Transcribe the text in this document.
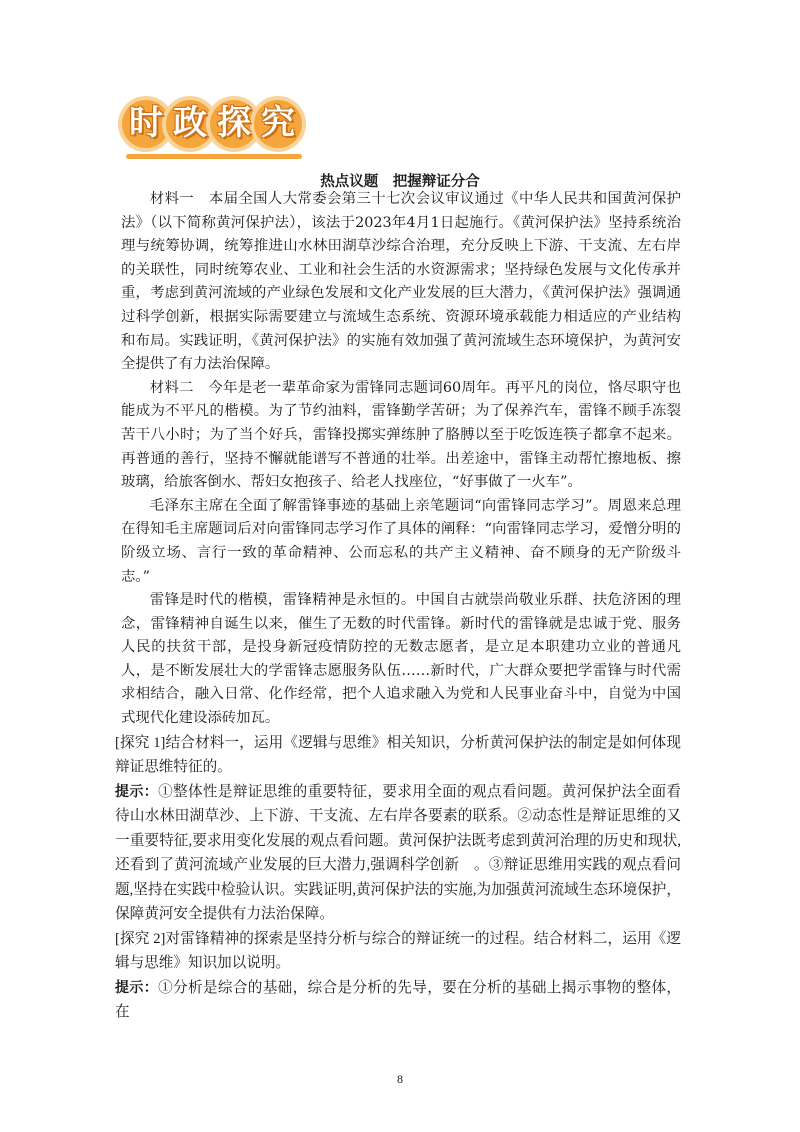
时 政 探 究
热点议题　把握辩证分合

材料一　本届全国人大常委会第三十七次会议审议通过《中华人民共和国黄河保护法》（以下简称黄河保护法），该法于2023年4月1日起施行。《黄河保护法》坚持系统治理与统筹协调，统筹推进山水林田湖草沙综合治理，充分反映上下游、干支流、左右岸的关联性，同时统筹农业、工业和社会生活的水资源需求；坚持绿色发展与文化传承并重，考虑到黄河流域的产业绿色发展和文化产业发展的巨大潜力，《黄河保护法》强调通过科学创新，根据实际需要建立与流域生态系统、资源环境承载能力相适应的产业结构和布局。实践证明，《黄河保护法》的实施有效加强了黄河流域生态环境保护，为黄河安全提供了有力法治保障。

材料二　今年是老一辈革命家为雷锋同志题词60周年。再平凡的岗位，恪尽职守也能成为不平凡的楷模。为了节约油料，雷锋勤学苦研；为了保养汽车，雷锋不顾手冻裂苦干八小时；为了当个好兵，雷锋投掷实弹练肿了胳膊以至于吃饭连筷子都拿不起来。再普通的善行，坚持不懈就能谱写不普通的壮举。出差途中，雷锋主动帮忙擦地板、擦玻璃，给旅客倒水、帮妇女抱孩子、给老人找座位，“好事做了一火车”。

毛泽东主席在全面了解雷锋事迹的基础上亲笔题词“向雷锋同志学习”。周恩来总理在得知毛主席题词后对向雷锋同志学习作了具体的阐释：“向雷锋同志学习，爱憎分明的阶级立场、言行一致的革命精神、公而忘私的共产主义精神、奋不顾身的无产阶级斗志。”

雷锋是时代的楷模，雷锋精神是永恒的。中国自古就崇尚敬业乐群、扶危济困的理念，雷锋精神自诞生以来，催生了无数的时代雷锋。新时代的雷锋就是忠诚于党、服务人民的扶贫干部，是投身新冠疫情防控的无数志愿者，是立足本职建功立业的普通凡人，是不断发展壮大的学雷锋志愿服务队伍……新时代，广大群众要把学雷锋与时代需求相结合，融入日常、化作经常，把个人追求融入为党和人民事业奋斗中，自觉为中国式现代化建设添砖加瓦。

[探究 1]结合材料一，运用《逻辑与思维》相关知识，分析黄河保护法的制定是如何体现辩证思维特征的。

提示：①整体性是辩证思维的重要特征，要求用全面的观点看问题。黄河保护法全面看待山水林田湖草沙、上下游、干支流、左右岸各要素的联系。②动态性是辩证思维的又一重要特征,要求用变化发展的观点看问题。黄河保护法既考虑到黄河治理的历史和现状,还看到了黄河流域产业发展的巨大潜力,强调科学创新　。③辩证思维用实践的观点看问题,坚持在实践中检验认识。实践证明,黄河保护法的实施,为加强黄河流域生态环境保护，保障黄河安全提供有力法治保障。

[探究 2]对雷锋精神的探索是坚持分析与综合的辩证统一的过程。结合材料二，运用《逻辑与思维》知识加以说明。

提示：①分析是综合的基础，综合是分析的先导，要在分析的基础上揭示事物的整体，在

8
